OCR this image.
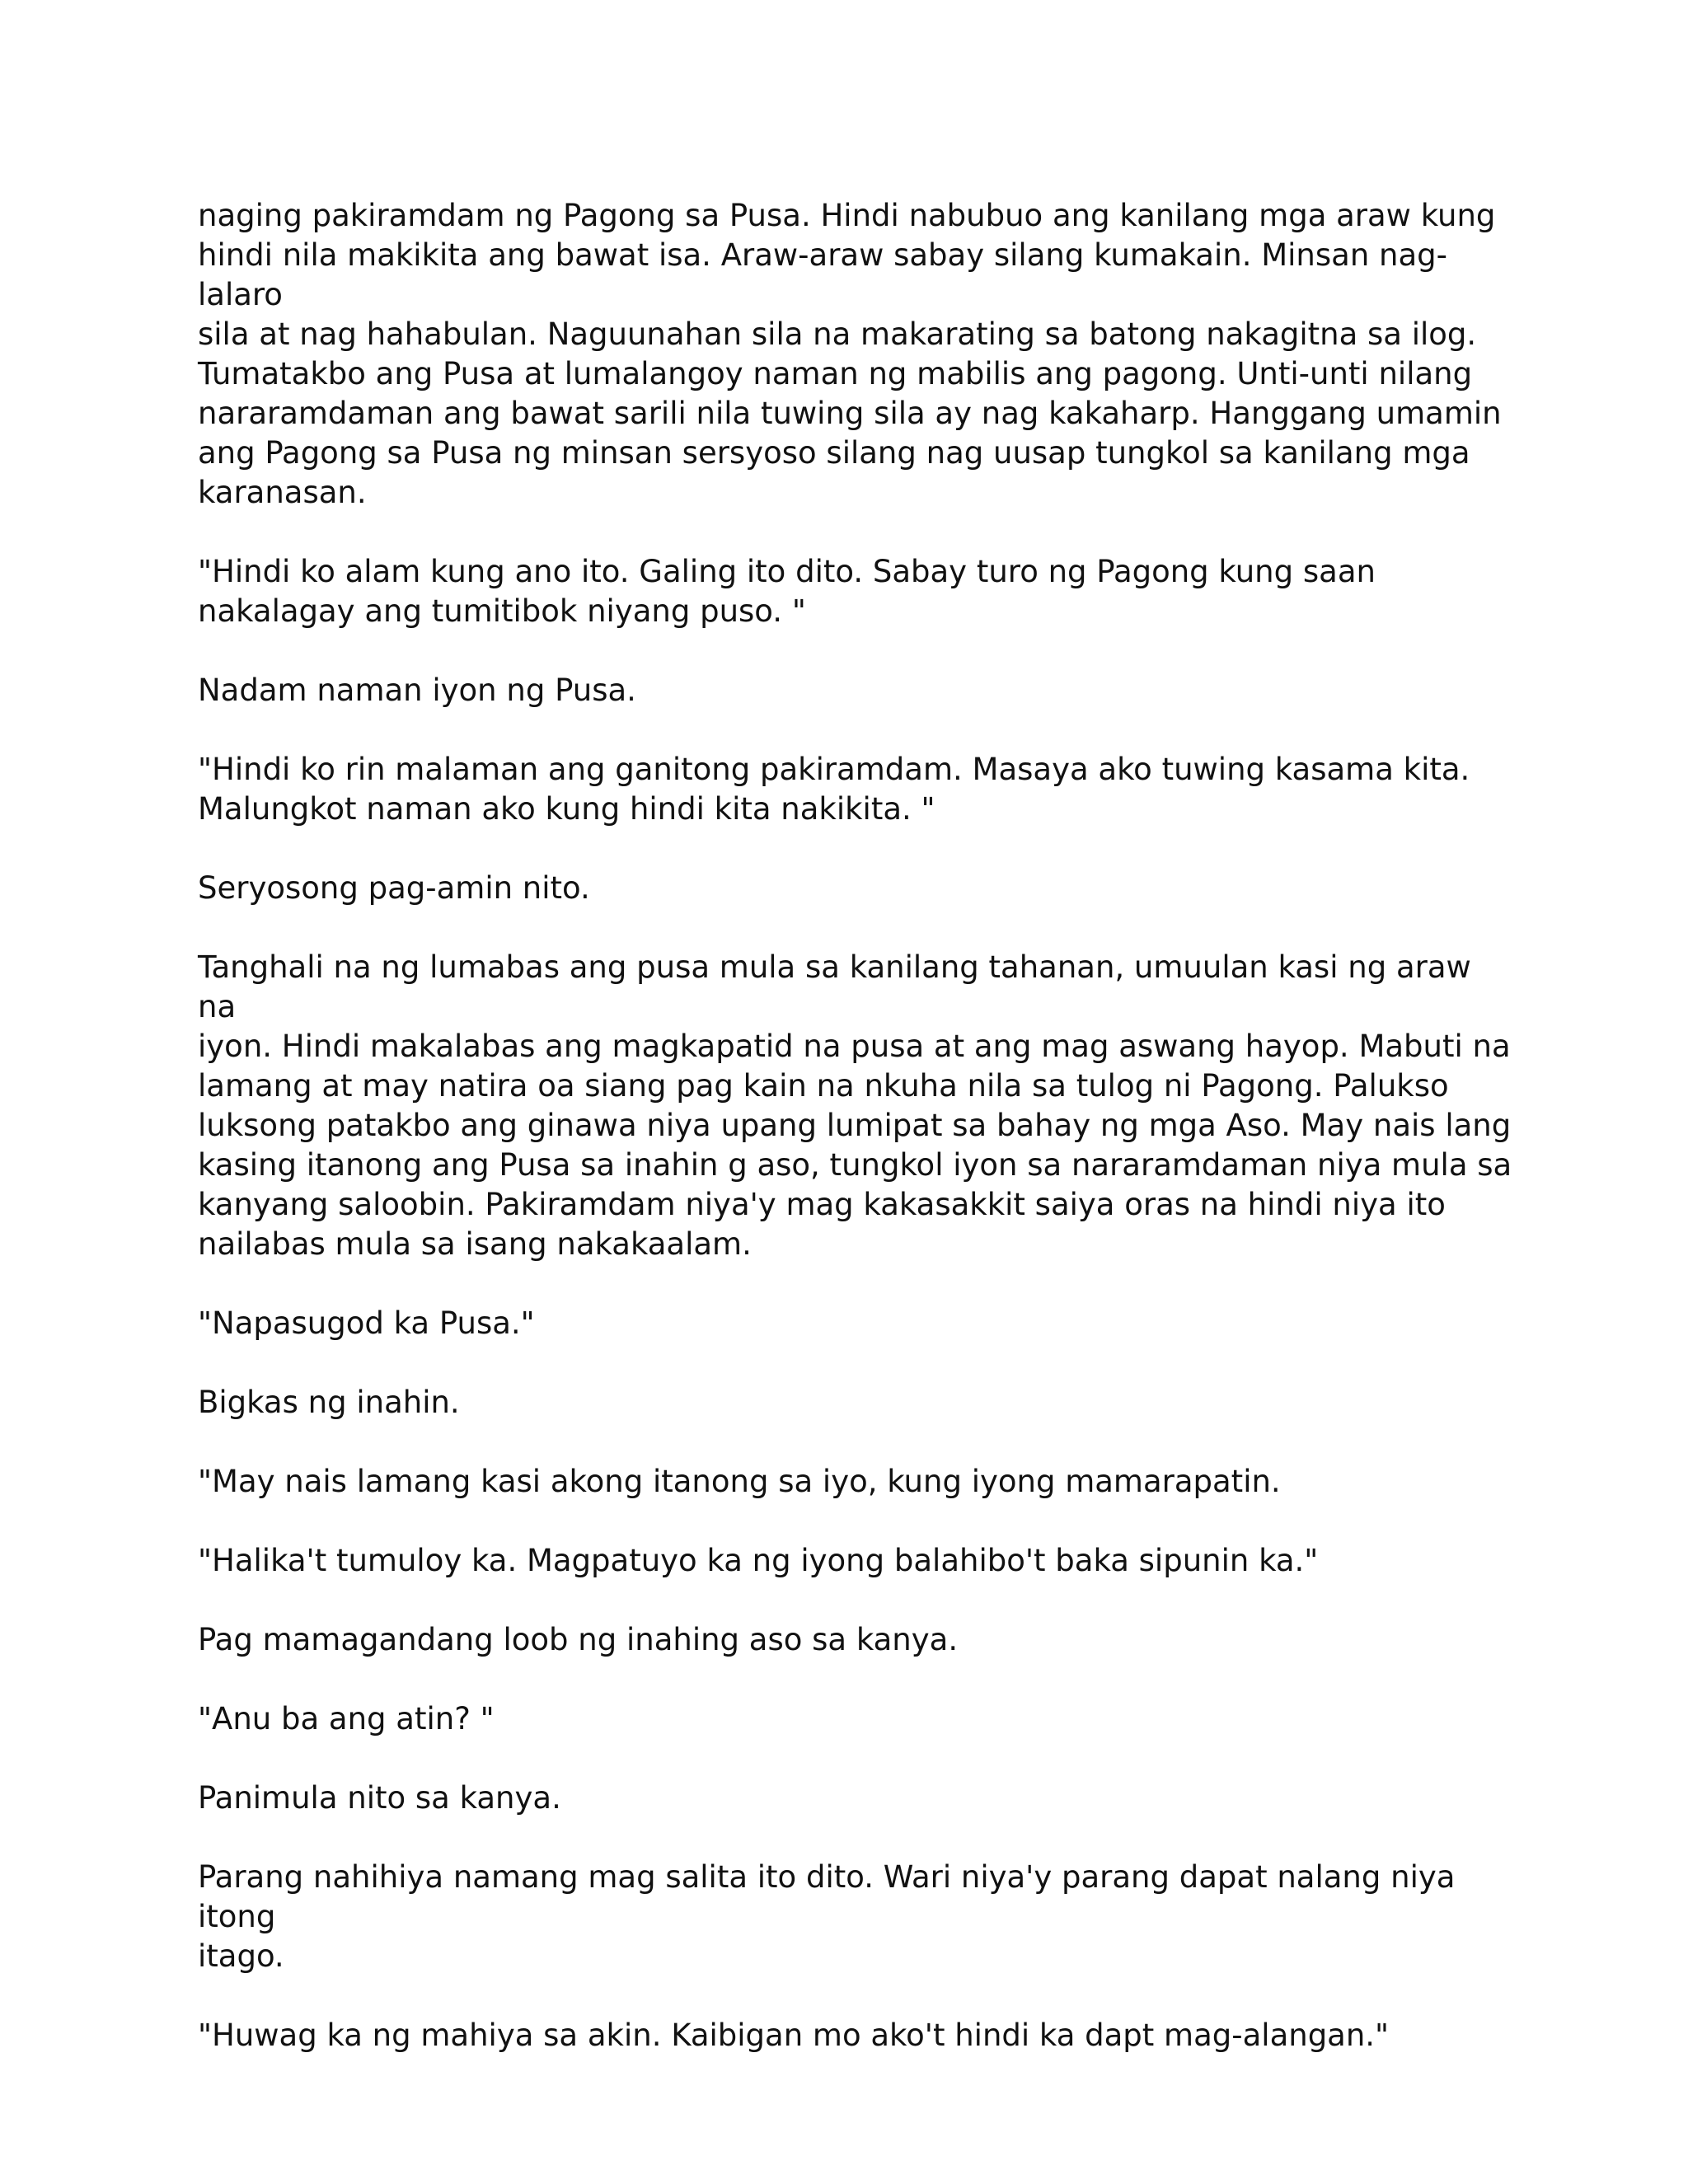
naging pakiramdam ng Pagong sa Pusa. Hindi nabubuo ang kanilang mga araw kung
hindi nila makikita ang bawat isa. Araw-araw sabay silang kumakain. Minsan nag-lalaro
sila at nag hahabulan. Naguunahan sila na makarating sa batong nakagitna sa ilog.
Tumatakbo ang Pusa at lumalangoy naman ng mabilis ang pagong. Unti-unti nilang
nararamdaman ang bawat sarili nila tuwing sila ay nag kakaharp. Hanggang umamin
ang Pagong sa Pusa ng minsan sersyoso silang nag uusap tungkol sa kanilang mga
karanasan.

"Hindi ko alam kung ano ito. Galing ito dito. Sabay turo ng Pagong kung saan
nakalagay ang tumitibok niyang puso. "

Nadam naman iyon ng Pusa.

"Hindi ko rin malaman ang ganitong pakiramdam. Masaya ako tuwing kasama kita.
Malungkot naman ako kung hindi kita nakikita. "

Seryosong pag-amin nito.

Tanghali na ng lumabas ang pusa mula sa kanilang tahanan, umuulan kasi ng araw na
iyon. Hindi makalabas ang magkapatid na pusa at ang mag aswang hayop. Mabuti na
lamang at may natira oa siang pag kain na nkuha nila sa tulog ni Pagong. Palukso
luksong patakbo ang ginawa niya upang lumipat sa bahay ng mga Aso. May nais lang
kasing itanong ang Pusa sa inahin g aso, tungkol iyon sa nararamdaman niya mula sa
kanyang saloobin. Pakiramdam niya'y mag kakasakkit saiya oras na hindi niya ito
nailabas mula sa isang nakakaalam.

"Napasugod ka Pusa."

Bigkas ng inahin.

"May nais lamang kasi akong itanong sa iyo, kung iyong mamarapatin.

"Halika't tumuloy ka. Magpatuyo ka ng iyong balahibo't baka sipunin ka."

Pag mamagandang loob ng inahing aso sa kanya.

"Anu ba ang atin? "

Panimula nito sa kanya.

Parang nahihiya namang mag salita ito dito. Wari niya'y parang dapat nalang niya itong
itago.

"Huwag ka ng mahiya sa akin. Kaibigan mo ako't hindi ka dapt mag-alangan."
